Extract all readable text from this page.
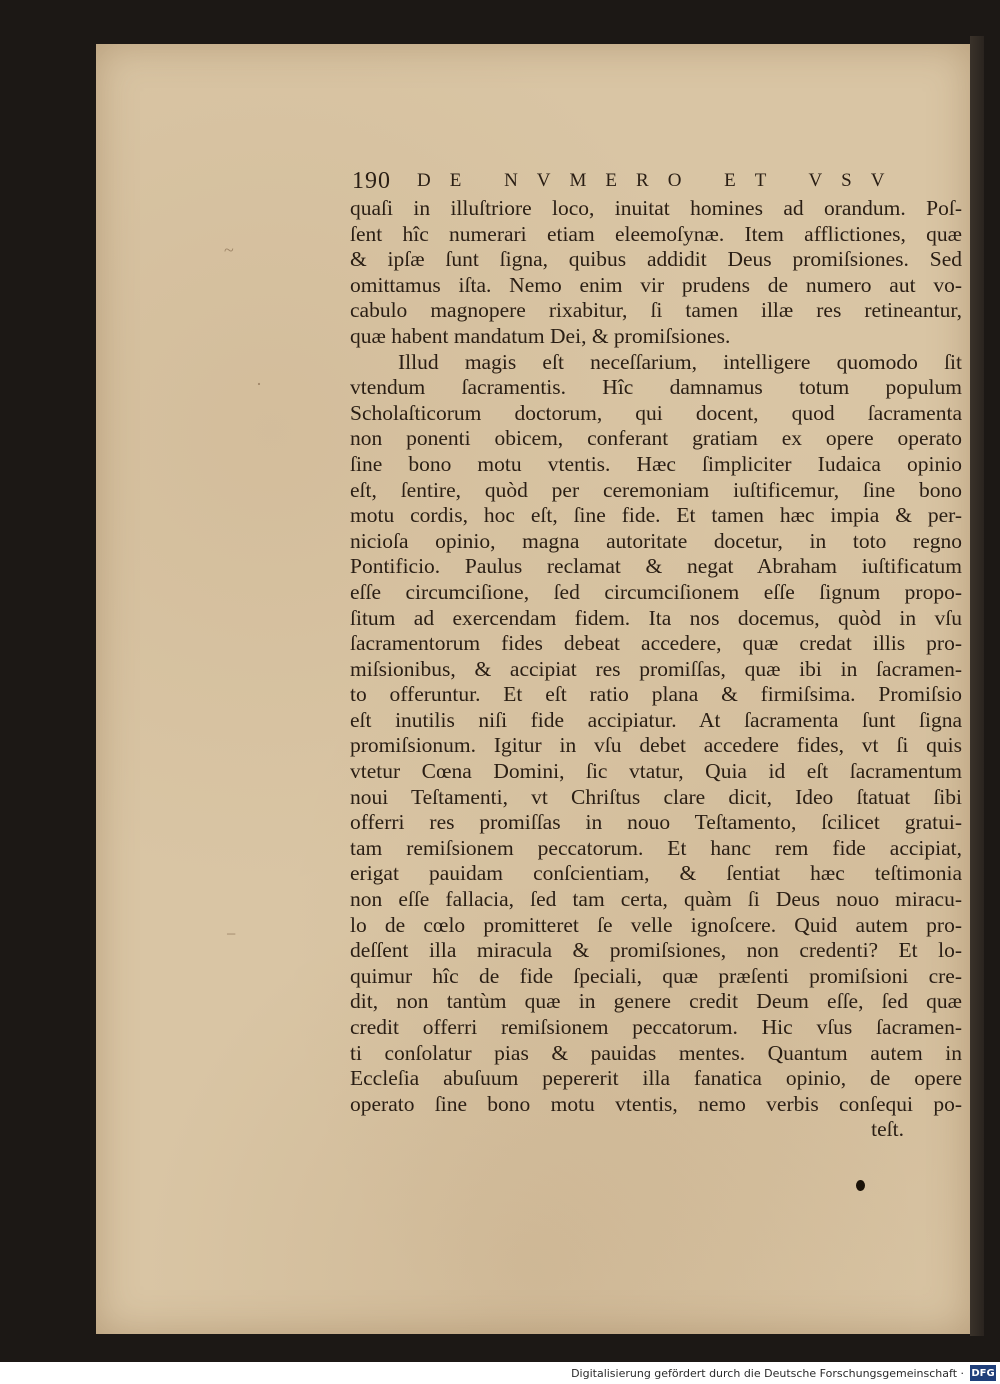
~
·
−
190 DE NVMERO ET VSV
quaſi in illuſtriore loco, inuitat homines ad orandum. Poſ-
ſent hîc numerari etiam eleemoſynæ. Item afflictiones, quæ
& ipſæ ſunt ſigna, quibus addidit Deus promiſsiones. Sed
omittamus iſta. Nemo enim vir prudens de numero aut vo-
cabulo magnopere rixabitur, ſi tamen illæ res retineantur,
quæ habent mandatum Dei, & promiſsiones.
Illud magis eſt neceſſarium, intelligere quomodo ſit
vtendum ſacramentis. Hîc damnamus totum populum
Scholaſticorum doctorum, qui docent, quod ſacramenta
non ponenti obicem, conferant gratiam ex opere operato
ſine bono motu vtentis. Hæc ſimpliciter Iudaica opinio
eſt, ſentire, quòd per ceremoniam iuſtificemur, ſine bono
motu cordis, hoc eſt, ſine fide. Et tamen hæc impia & per-
nicioſa opinio, magna autoritate docetur, in toto regno
Pontificio. Paulus reclamat & negat Abraham iuſtificatum
eſſe circumciſione, ſed circumciſionem eſſe ſignum propo-
ſitum ad exercendam fidem. Ita nos docemus, quòd in vſu
ſacramentorum fides debeat accedere, quæ credat illis pro-
miſsionibus, & accipiat res promiſſas, quæ ibi in ſacramen-
to offeruntur. Et eſt ratio plana & firmiſsima. Promiſsio
eſt inutilis niſi fide accipiatur. At ſacramenta ſunt ſigna
promiſsionum. Igitur in vſu debet accedere fides, vt ſi quis
vtetur Cœna Domini, ſic vtatur, Quia id eſt ſacramentum
noui Teſtamenti, vt Chriſtus clare dicit, Ideo ſtatuat ſibi
offerri res promiſſas in nouo Teſtamento, ſcilicet gratui-
tam remiſsionem peccatorum. Et hanc rem fide accipiat,
erigat pauidam conſcientiam, & ſentiat hæc teſtimonia
non eſſe fallacia, ſed tam certa, quàm ſi Deus nouo miracu-
lo de cœlo promitteret ſe velle ignoſcere. Quid autem pro-
deſſent illa miracula & promiſsiones, non credenti? Et lo-
quimur hîc de fide ſpeciali, quæ præſenti promiſsioni cre-
dit, non tantùm quæ in genere credit Deum eſſe, ſed quæ
credit offerri remiſsionem peccatorum. Hic vſus ſacramen-
ti conſolatur pias & pauidas mentes. Quantum autem in
Eccleſia abuſuum pepererit illa fanatica opinio, de opere
operato ſine bono motu vtentis, nemo verbis conſequi po-
teſt.
Digitalisierung gefördert durch die Deutsche Forschungsgemeinschaft · DFG
